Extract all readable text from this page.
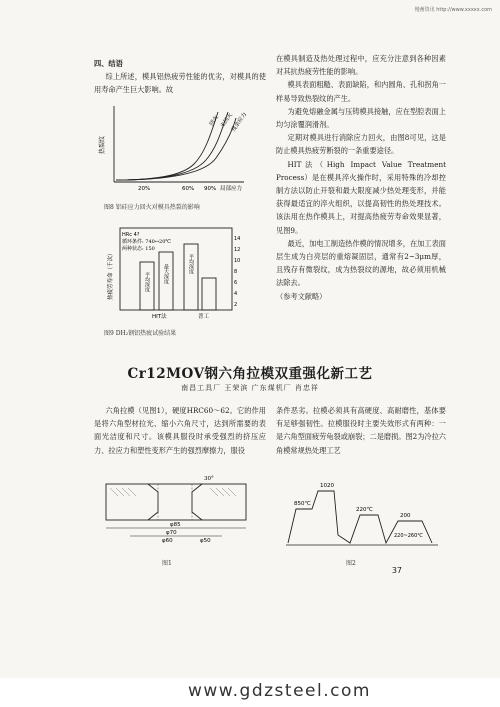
慢畜资讯 http://www.xxxxx.com

四、结语

综上所述，模具铝热疲劳性能的优劣，对模具的使用寿命产生巨大影响。故

热裂纹
回火 未回火
残余应力
20%	60% 90% 局部应力
图8 铝硅应力回火对模具热裂的影响
热疲劳寿命（千次）
HRc 4?
循环条件: 740↔20℃
两种状态: 150
平均深度	最大深度	平均深度
14
12
10
8
6
4
2
HIT法	普工
图9 DH₂钢铝热疲试验结果

在模具制造及热处理过程中，应充分注意到各种因素对其抗热疲劳性能的影响。

模具表面粗糙、表面缺陷，和内圆角、孔和拐角一样易导致热裂纹的产生。

为避免熔融金属与压铸模具接触，应在型腔表面上均匀涂覆润滑剂。

定期对模具进行消除应力回火，由图8可见，这是防止模具热疲劳断裂的一条重要途径。

HIT法（High Impact Value Treatment Process）是在模具淬火操作时，采用特殊的冷却控制方法以防止开裂和最大限度减少热处理变形，并能获得最适宜的淬火组织，以提高韧性的热处理技术。该法用在热作模具上，对提高热疲劳寿命效果显著，见图9。

最近，加电工制造热作模的情况增多，在加工表面层生成为白亮层的重熔凝固层，通常有2~3μm厚，且残存有微裂纹，成为热裂纹的源地，故必须用机械法除去。

（参考文献略）

Cr12MOV钢六角拉模双重强化新工艺
南昌工具厂 王荣滨 广东煤机厂 肖忠祥

六角拉模（见图1），硬度HRC60～62。它的作用是将六角型材拉光、缩小六角尺寸，达到所需要的表面光洁度和尺寸。该模具服役时承受强烈的挤压应力、拉应力和塑性变形产生的强烈摩擦力，服役

条件恶劣。拉模必须具有高硬度、高耐磨性，基体要有足够强韧性。拉模服役时主要失效形式有两种：一是六角型面疲劳龟裂或崩裂；二是磨损。图2为冷拉六角模常规热处理工艺

30°
φ85
φ70
φ60	φ50
图1
850℃
1020
220℃
200
220~260℃
图2
37
www.gdzsteel.com
